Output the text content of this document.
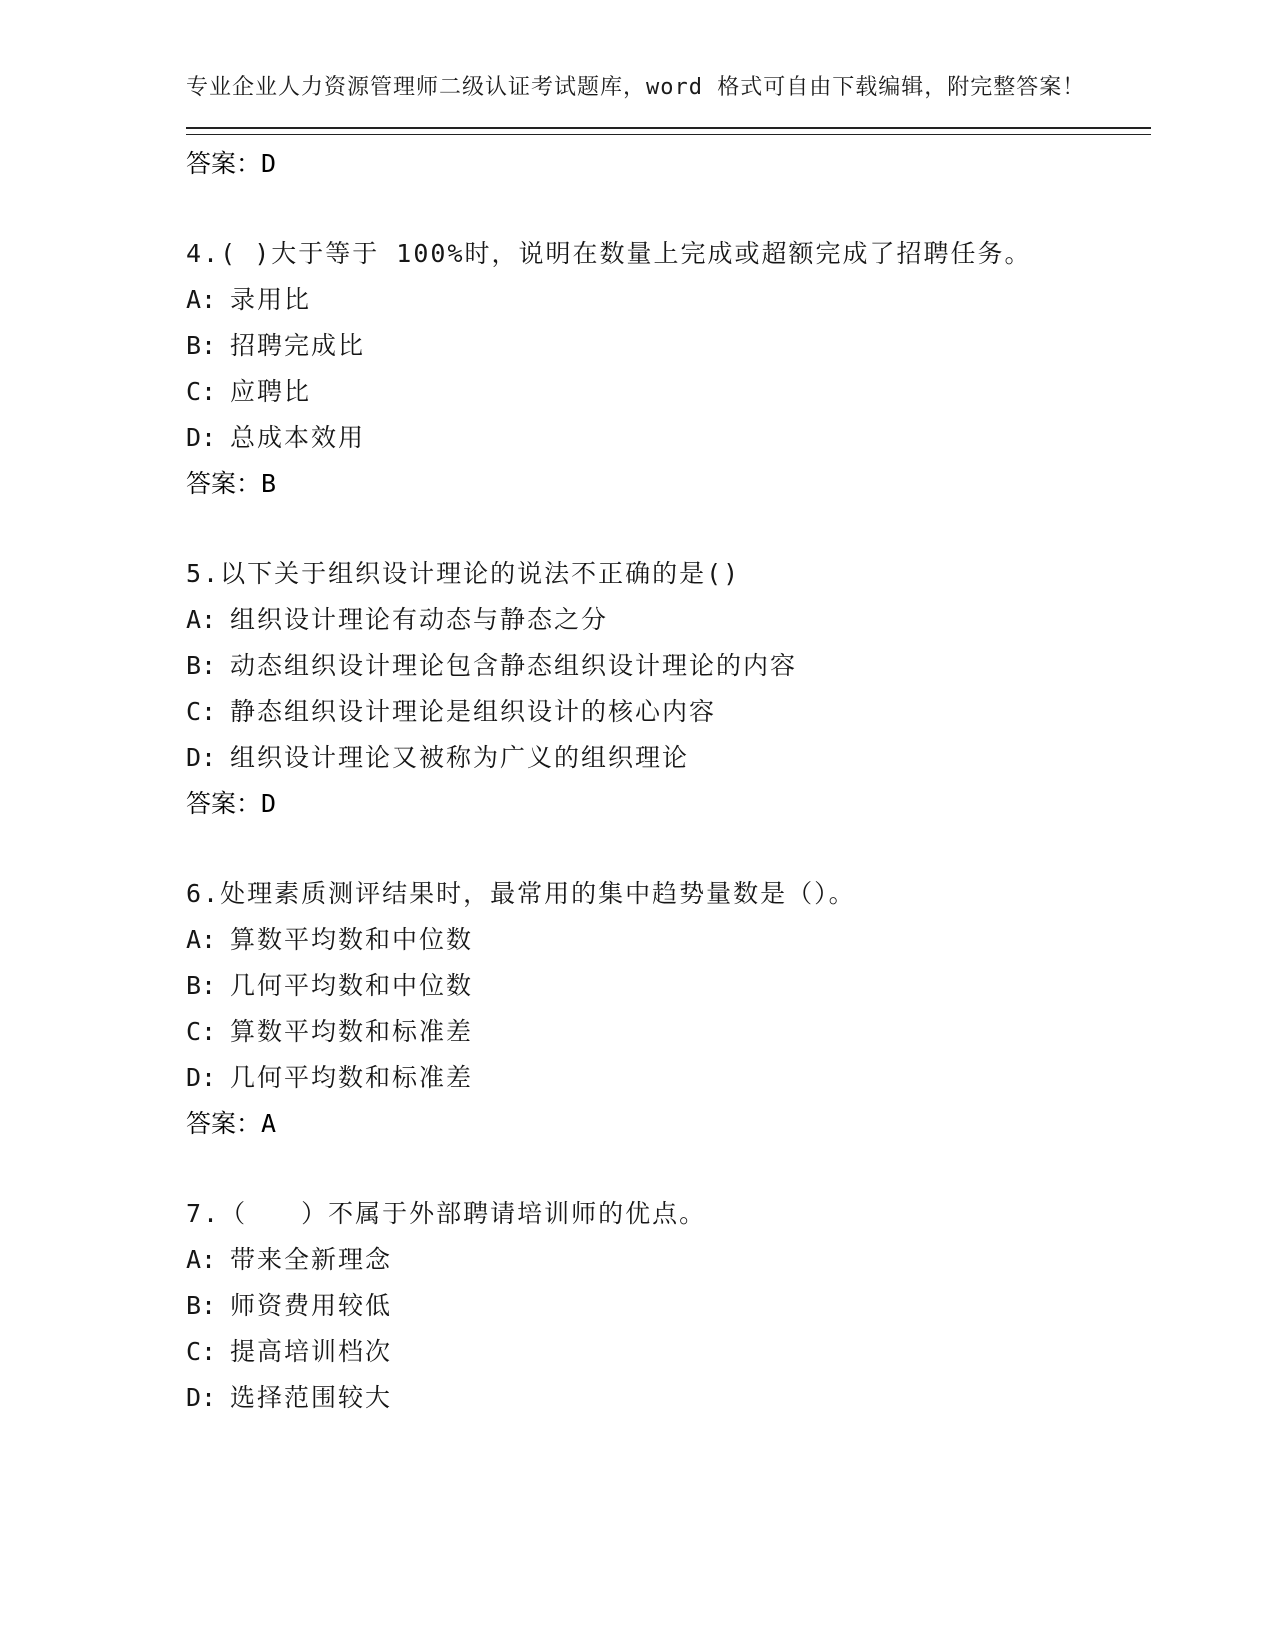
专业企业人力资源管理师二级认证考试题库，word 格式可自由下载编辑，附完整答案！
答案：D
4.( )大于等于 100%时，说明在数量上完成或超额完成了招聘任务。
A: 录用比
B: 招聘完成比
C: 应聘比
D: 总成本效用
答案：B
5.以下关于组织设计理论的说法不正确的是()
A: 组织设计理论有动态与静态之分
B: 动态组织设计理论包含静态组织设计理论的内容
C: 静态组织设计理论是组织设计的核心内容
D: 组织设计理论又被称为广义的组织理论
答案：D
6.处理素质测评结果时，最常用的集中趋势量数是（）。
A: 算数平均数和中位数
B: 几何平均数和中位数
C: 算数平均数和标准差
D: 几何平均数和标准差
答案：A
7.（　　）不属于外部聘请培训师的优点。
A: 带来全新理念
B: 师资费用较低
C: 提高培训档次
D: 选择范围较大
